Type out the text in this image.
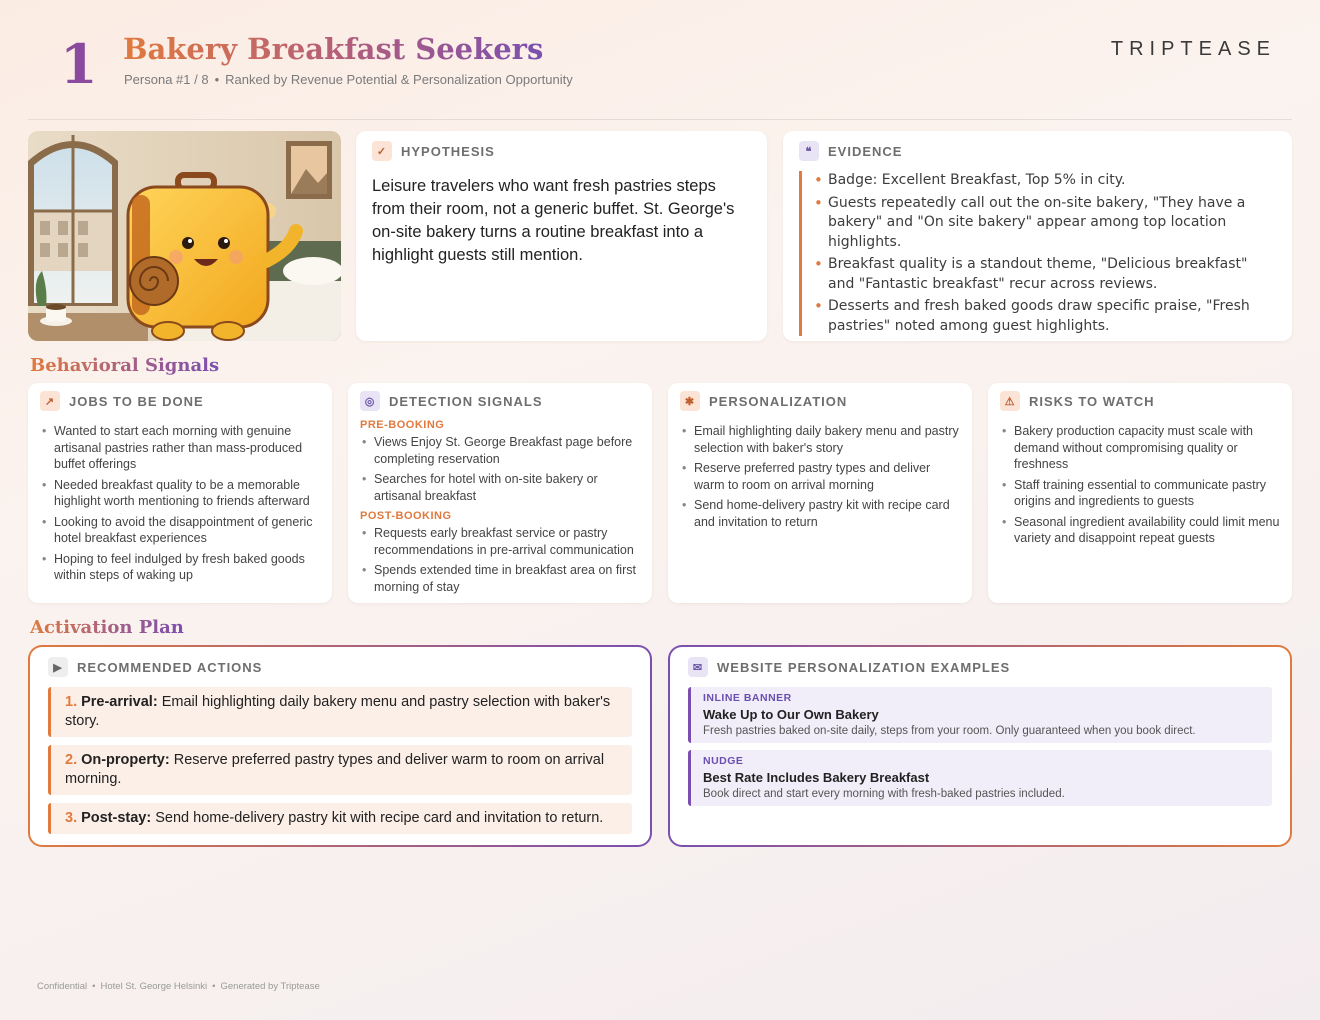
1 Bakery Breakfast Seekers
Persona #1 / 8 • Ranked by Revenue Potential & Personalization Opportunity
TRIPTEASE
✓	HYPOTHESIS
Leisure travelers who want fresh pastries steps from their room, not a generic buffet. St. George's on-site bakery turns a routine breakfast into a highlight guests still mention.
❝	EVIDENCE
• Badge: Excellent Breakfast, Top 5% in city.
• Guests repeatedly call out the on-site bakery, "They have a bakery" and "On site bakery" appear among top location highlights.
• Breakfast quality is a standout theme, "Delicious breakfast" and "Fantastic breakfast" recur across reviews.
• Desserts and fresh baked goods draw specific praise, "Fresh pastries" noted among guest highlights.
Behavioral Signals
↗	JOBS TO BE DONE
• Wanted to start each morning with genuine artisanal pastries rather than mass-produced buffet offerings
• Needed breakfast quality to be a memorable highlight worth mentioning to friends afterward
• Looking to avoid the disappointment of generic hotel breakfast experiences
• Hoping to feel indulged by fresh baked goods within steps of waking up
◎	DETECTION SIGNALS
PRE-BOOKING
• Views Enjoy St. George Breakfast page before completing reservation
• Searches for hotel with on-site bakery or artisanal breakfast
POST-BOOKING
• Requests early breakfast service or pastry recommendations in pre-arrival communication
• Spends extended time in breakfast area on first morning of stay
✱	PERSONALIZATION
• Email highlighting daily bakery menu and pastry selection with baker's story
• Reserve preferred pastry types and deliver warm to room on arrival morning
• Send home-delivery pastry kit with recipe card and invitation to return
⚠	RISKS TO WATCH
• Bakery production capacity must scale with demand without compromising quality or freshness
• Staff training essential to communicate pastry origins and ingredients to guests
• Seasonal ingredient availability could limit menu variety and disappoint repeat guests
Activation Plan
▶	RECOMMENDED ACTIONS
1. Pre-arrival: Email highlighting daily bakery menu and pastry selection with baker's story.
2. On-property: Reserve preferred pastry types and deliver warm to room on arrival morning.
3. Post-stay: Send home-delivery pastry kit with recipe card and invitation to return.
✉	WEBSITE PERSONALIZATION EXAMPLES
INLINE BANNER
Wake Up to Our Own Bakery
Fresh pastries baked on-site daily, steps from your room. Only guaranteed when you book direct.
NUDGE
Best Rate Includes Bakery Breakfast
Book direct and start every morning with fresh-baked pastries included.
Confidential • Hotel St. George Helsinki • Generated by Triptease
